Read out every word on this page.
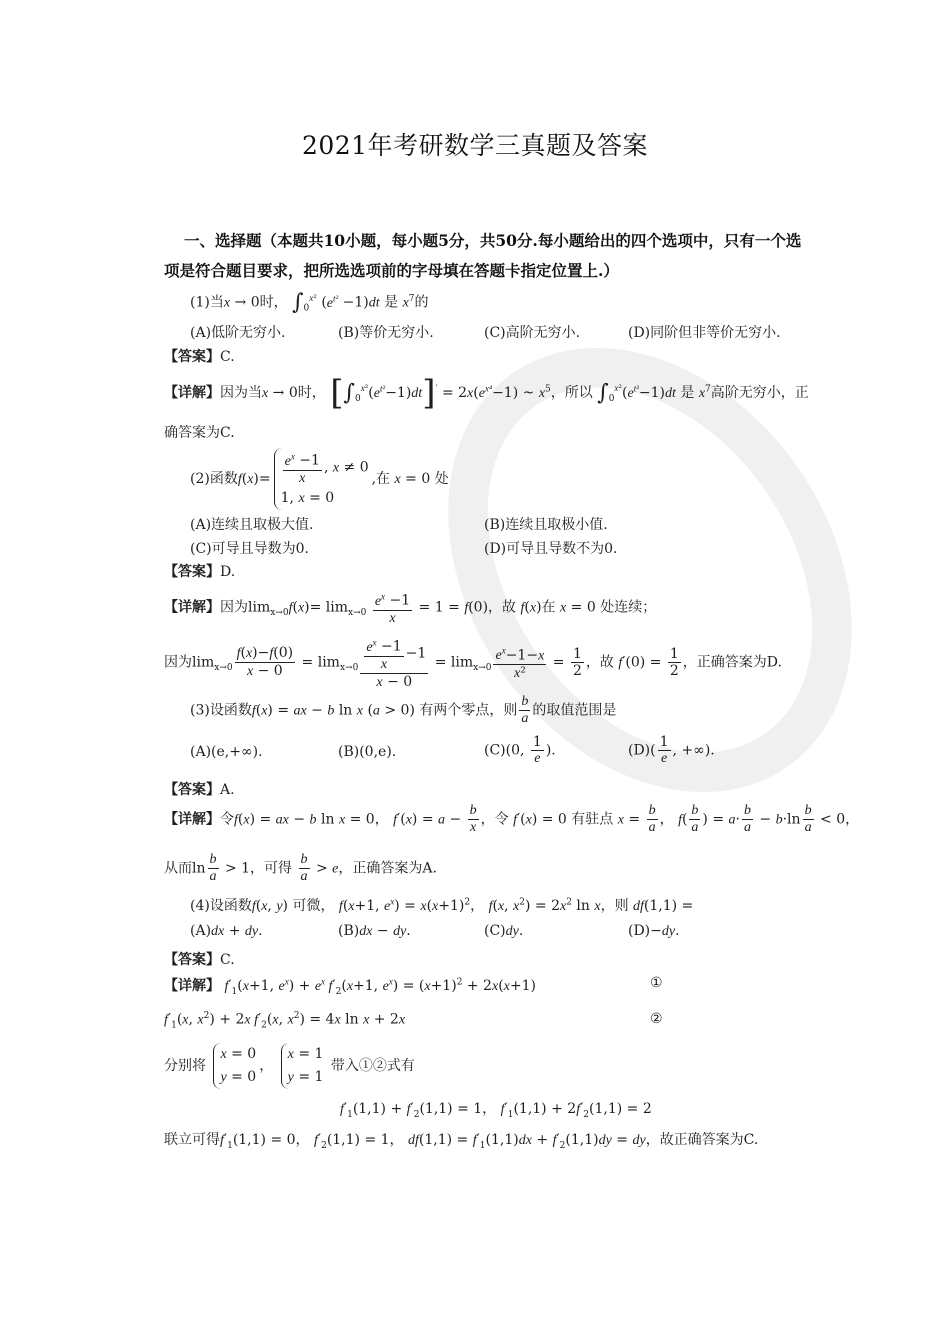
2021年考研数学三真题及答案
一、选择题（本题共10小题，每小题5分，共50分.每小题给出的四个选项中，只有一个选项是符合题目要求，把所选选项前的字母填在答题卡指定位置上.）
(1)当x → 0时， $\int_0^{x^2}$ $(e^{t^2} -1)dt$ 是 $x^7$的
(A)低阶无穷小.	(B)等价无穷小.	(C)高阶无穷小.	(D)同阶但非等价无穷小.
【答案】C.
【详解】因为当x → 0时， $[\int_0^{x^2}(e^{t^2}-1)dt]' = 2x(e^{x^4}-1)$ ~ $x^5$，所以 $\int_0^{x^2}(e^{t^2}-1)dt$ 是 $x^7$高阶无穷小，正
确答案为C.
(2)函数$f(x)= \frac{e^x -1}{x}$ , x ≠ 0
1, x = 0
,在 x = 0 处
(A)连续且取极大值.	(B)连续且取极小值.
(C)可导且导数为0.	(D)可导且导数不为0.
【答案】D.
【详解】因为$\lim_{x\to 0}f(x)= \lim_{x\to 0} \frac{e^x -1}{x} = 1 = f(0)$，故 f(x)在 x = 0 处连续；
因为$\lim_{x\to 0} \frac{f(x)-f(0)}{x - 0} = \lim_{x\to 0} \frac{\frac{e^x -1}{x} -1}{x - 0} = \lim_{x\to 0} \frac{e^x-1-x}{\text{x²}} = \frac{1}{2}$ ，故 $f'(0) = \frac{1}{2}$ ，正确答案为D.
(3)设函数f(x) = ax − b ln x (a > 0) 有两个零点，则 $\frac{b}{a}$ 的取值范围是
(A)(e,+∞).	(B)(0,e).	(C)(0, $\frac{1}{e}$ ).	$(D)( \frac{1}{e}$ , +∞).
【答案】A.
【详解】令f(x) = ax − b ln x = 0， $f'(x) = a - \frac{b}{x}$ ，令 f′(x) = 0 有驻点 $x = \frac{b}{a}$ ， $f( \frac{b}{a}$ ) = $a\cdot \frac{b}{a} - b\cdot\ln \frac{b}{a} < 0$，
从而$\ln \frac{b}{a} > 1$，可得 $\frac{b}{a} > e$，正确答案为A.
(4)设函数f(x, y) 可微， f(x+1, $e^x) = x(x+1)^2$， f(x, $x^2) = 2x^2$ ln x，则 df(1,1) =
(A)dx + dy.	(B)dx − dy.	(C)dy.	(D)−dy.
【答案】C.
【详解】 $f'_1(x+1$, $e^x) + e^x$ $f'_2(x+1$, $e^x) = (x+1)^2 + 2x(x+1)$	①
$f'_1(x$, $x^2) + 2x$ $f'_2(x$, $x^2) = 4x$ ln x + 2x	②
分别将
x = 0
y = 0
，
x = 1
y = 1
带入①②式有
$f'_1(1,1) + f'_2(1,1) = 1$， $f'_1(1,1) + 2f'_2(1,1) = 2$
联立可得$f'_1(1,1) = 0$， $f'_2(1,1) = 1$， $df(1,1) = f'_1(1,1)dx + f'_2(1,1)dy$ = dy，故正确答案为C.
